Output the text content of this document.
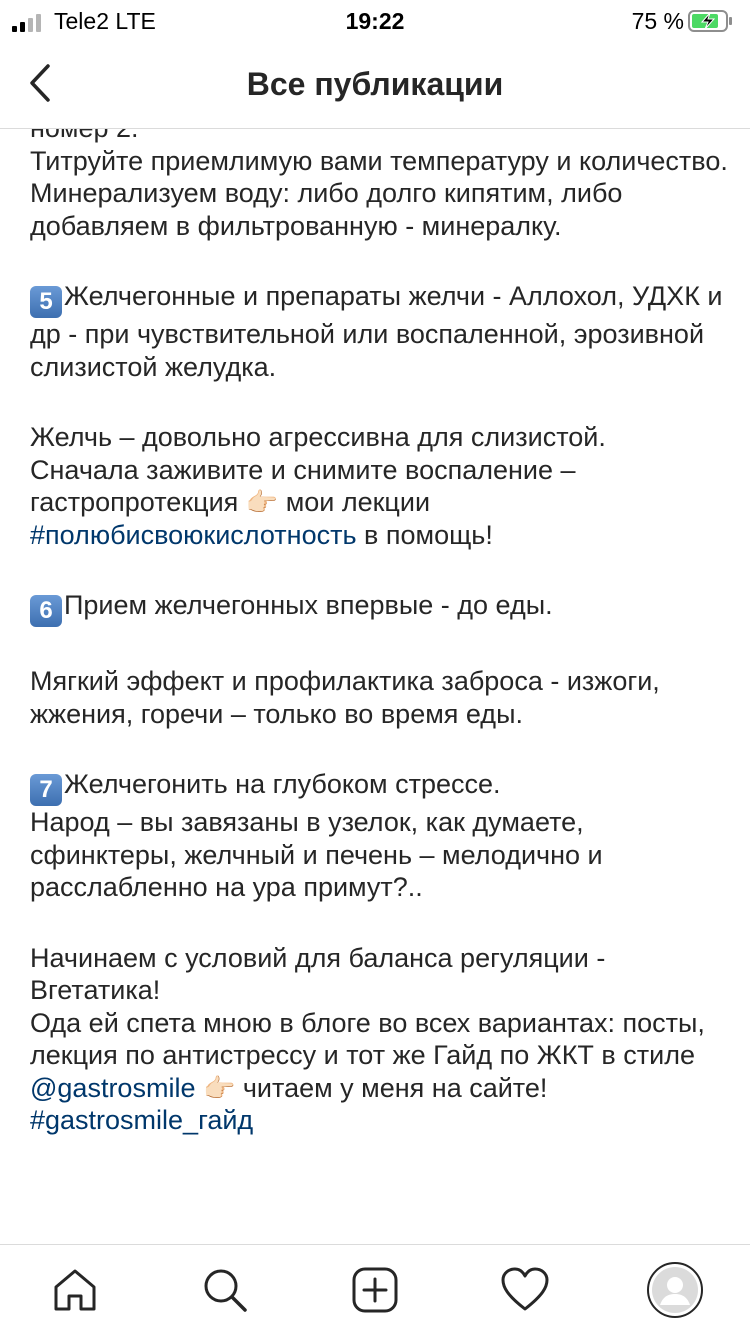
Tele2 LTE	19:22	75 %
Все публикации

Титруйте приемлимую вами температуру и количество.
Минерализуем воду: либо долго кипятим, либо добавляем в фильтрованную - минералку.

5 Желчегонные и препараты желчи - Аллохол, УДХК и др - при чувствительной или воспаленной, эрозивной слизистой желудка.

Желчь – довольно агрессивна для слизистой.
Сначала заживите и снимите воспаление – гастропротекция 👉🏻 мои лекции #полюбисвоюкислотность в помощь!

6 Прием желчегонных впервые - до еды.

Мягкий эффект и профилактика заброса - изжоги, жжения, горечи – только во время еды.

7 Желчегонить на глубоком стрессе.
Народ – вы завязаны в узелок, как думаете, сфинктеры, желчный и печень – мелодично и расслабленно на ура примут?..

Начинаем с условий для баланса регуляции - Вгетатика!
Ода ей спета мною в блоге во всех вариантах: посты, лекция по антистрессу и тот же Гайд по ЖКТ в стиле @gastrosmile 👉🏻 читаем у меня на сайте! #gastrosmile_гайд
